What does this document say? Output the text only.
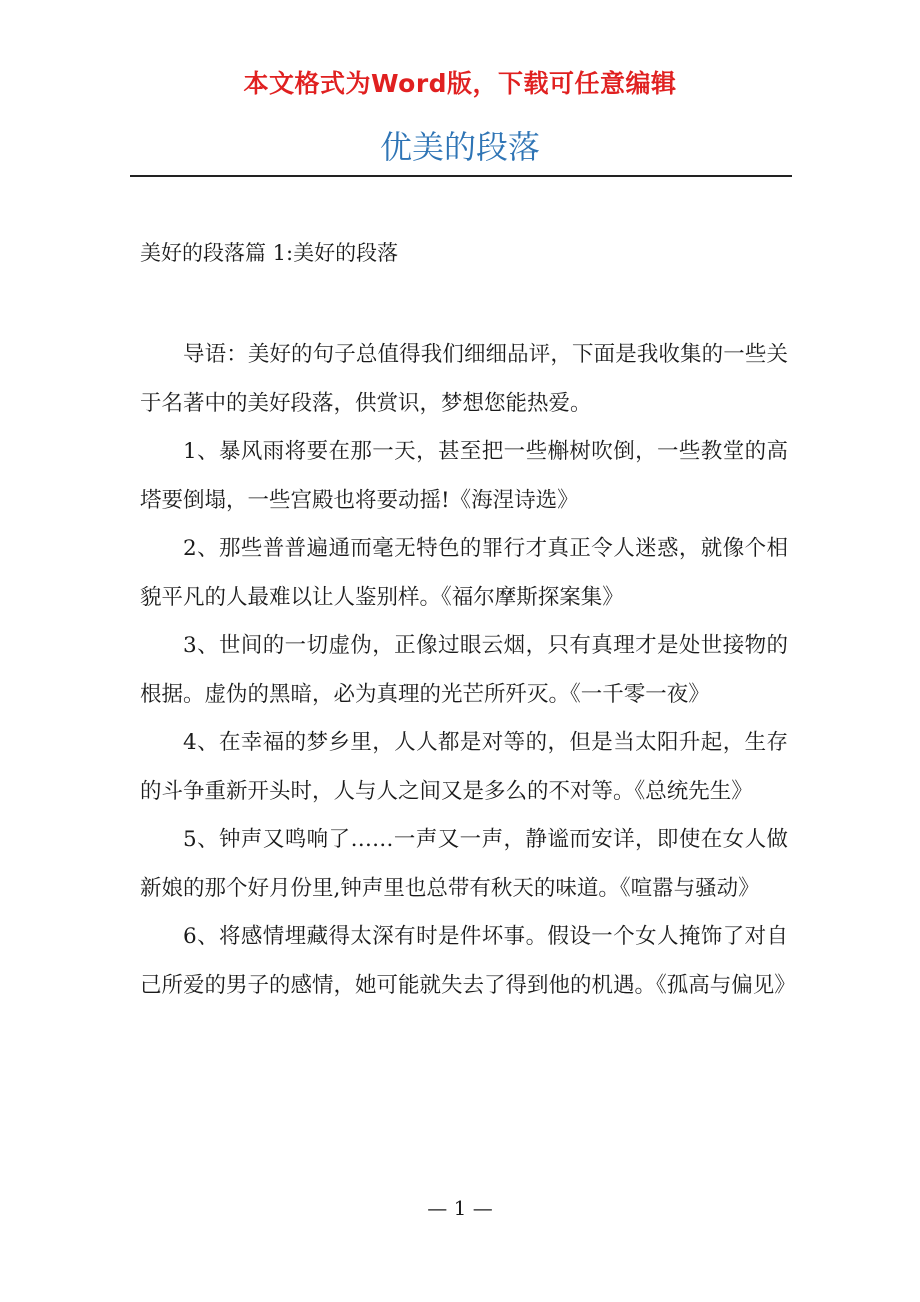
本文格式为Word版，下载可任意编辑
优美的段落
美好的段落篇 1:美好的段落

导语：美好的句子总值得我们细细品评，下面是我收集的一些关于名著中的美好段落，供赏识，梦想您能热爱。

1、暴风雨将要在那一天，甚至把一些槲树吹倒，一些教堂的高塔要倒塌，一些宫殿也将要动摇!《海涅诗选》

2、那些普普遍通而毫无特色的罪行才真正令人迷惑，就像个相貌平凡的人最难以让人鉴别样。《福尔摩斯探案集》

3、世间的一切虚伪，正像过眼云烟，只有真理才是处世接物的根据。虚伪的黑暗，必为真理的光芒所歼灭。《一千零一夜》

4、在幸福的梦乡里，人人都是对等的，但是当太阳升起，生存的斗争重新开头时，人与人之间又是多么的不对等。《总统先生》

5、钟声又鸣响了……一声又一声，静谧而安详，即使在女人做新娘的那个好月份里,钟声里也总带有秋天的味道。《喧嚣与骚动》

6、将感情埋藏得太深有时是件坏事。假设一个女人掩饰了对自己所爱的男子的感情，她可能就失去了得到他的机遇。《孤高与偏见》

— 1 —
